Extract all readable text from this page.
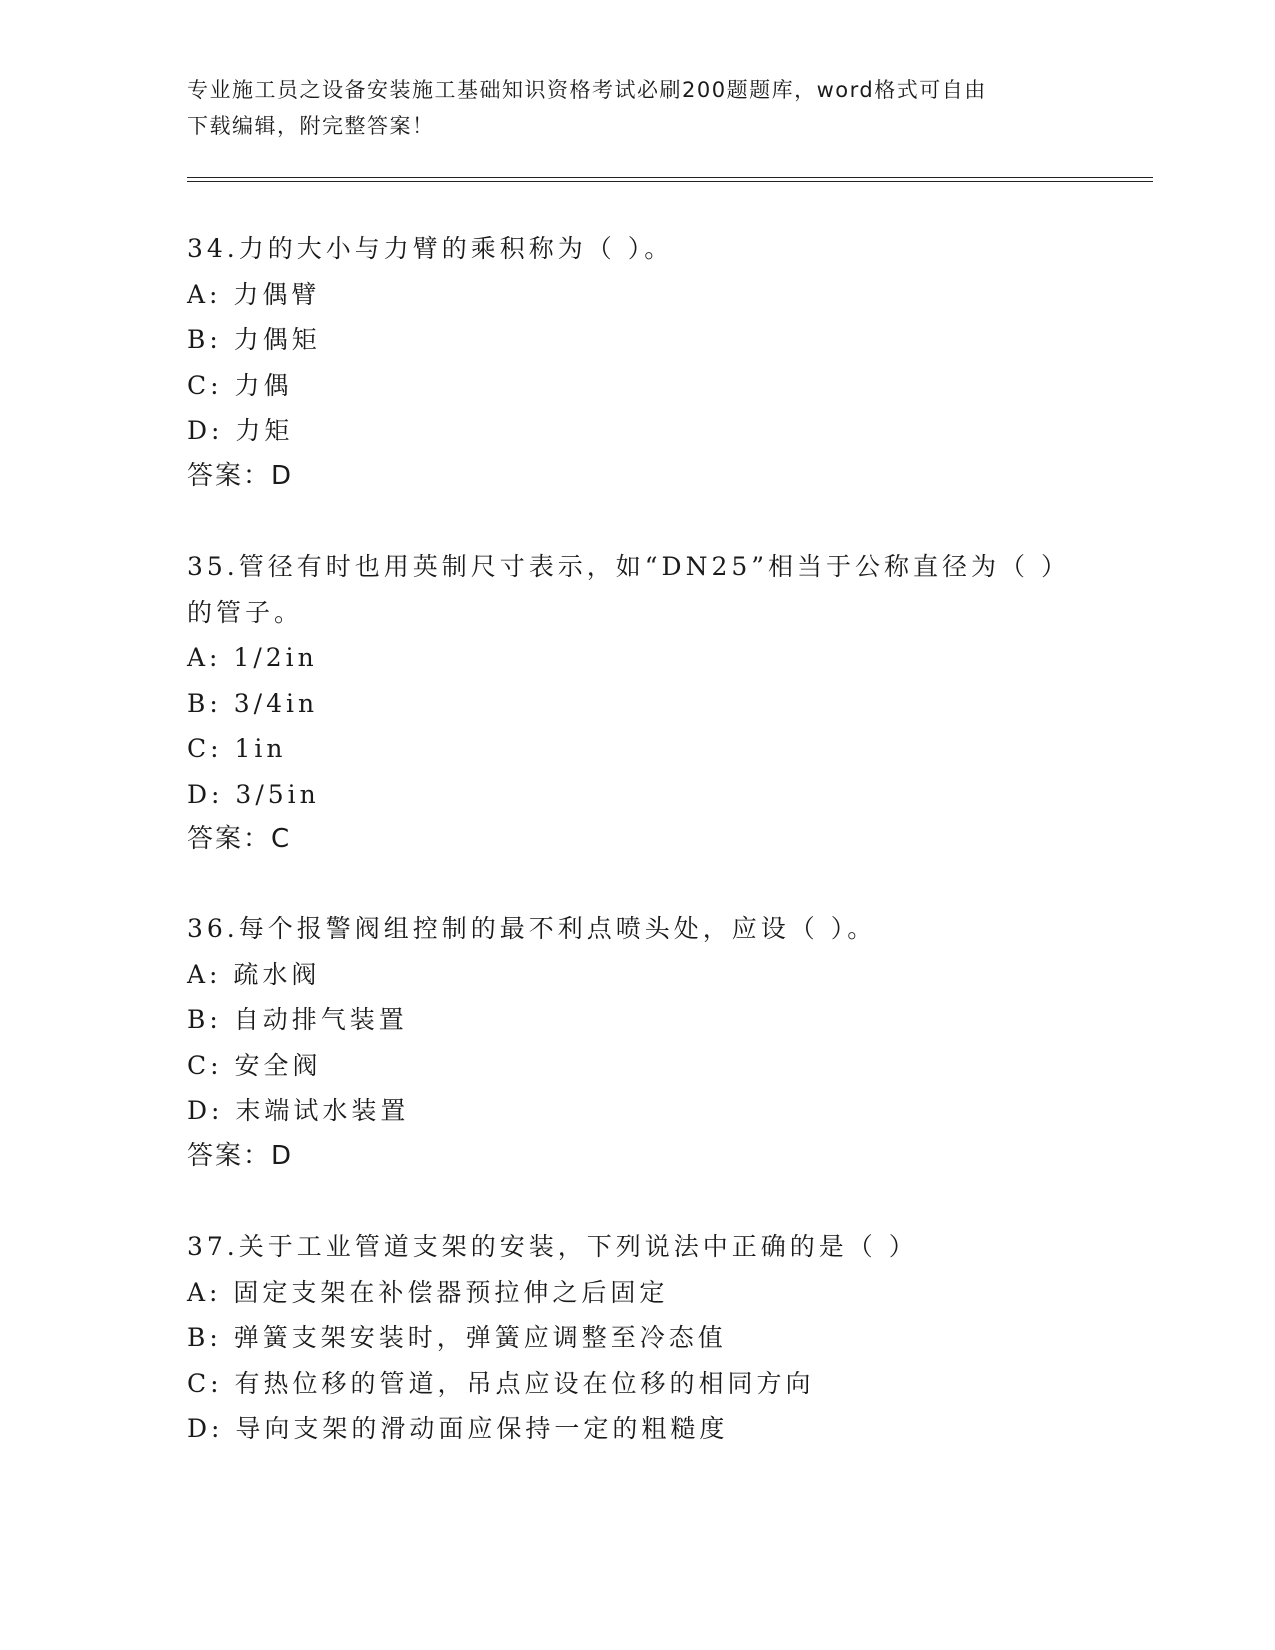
专业施工员之设备安装施工基础知识资格考试必刷200题题库，word格式可自由
下载编辑，附完整答案！
34.力的大小与力臂的乘积称为（ ）。
A: 力偶臂
B: 力偶矩
C: 力偶
D: 力矩
答案：D
35.管径有时也用英制尺寸表示，如“DN25”相当于公称直径为（ ）
的管子。
A: 1/2in
B: 3/4in
C: 1in
D: 3/5in
答案：C
36.每个报警阀组控制的最不利点喷头处，应设（ ）。
A: 疏水阀
B: 自动排气装置
C: 安全阀
D: 末端试水装置
答案：D
37.关于工业管道支架的安装，下列说法中正确的是（ ）
A: 固定支架在补偿器预拉伸之后固定
B: 弹簧支架安装时，弹簧应调整至冷态值
C: 有热位移的管道，吊点应设在位移的相同方向
D: 导向支架的滑动面应保持一定的粗糙度
